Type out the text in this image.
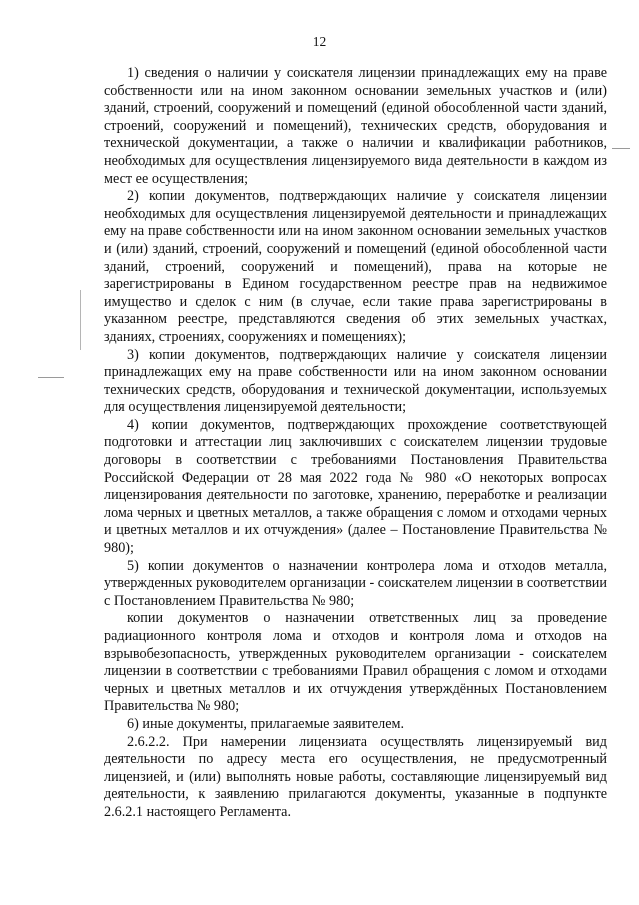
12

1) сведения о наличии у соискателя лицензии принадлежащих ему на праве собственности или на ином законном основании земельных участков и (или) зданий, строений, сооружений и помещений (единой обособленной части зданий, строений, сооружений и помещений), технических средств, оборудования и технической документации, а также о наличии и квалификации работников, необходимых для осуществления лицензируемого вида деятельности в каждом из мест ее осуществления;

2) копии документов, подтверждающих наличие у соискателя лицензии необходимых для осуществления лицензируемой деятельности и принадлежащих ему на праве собственности или на ином законном основании земельных участков и (или) зданий, строений, сооружений и помещений (единой обособленной части зданий, строений, сооружений и помещений), права на которые не зарегистрированы в Едином государственном реестре прав на недвижимое имущество и сделок с ним (в случае, если такие права зарегистрированы в указанном реестре, представляются сведения об этих земельных участках, зданиях, строениях, сооружениях и помещениях);

3) копии документов, подтверждающих наличие у соискателя лицензии принадлежащих ему на праве собственности или на ином законном основании технических средств, оборудования и технической документации, используемых для осуществления лицензируемой деятельности;

4) копии документов, подтверждающих прохождение соответствующей подготовки и аттестации лиц заключивших с соискателем лицензии трудовые договоры в соответствии с требованиями Постановления Правительства Российской Федерации от 28 мая 2022 года № 980 «О некоторых вопросах лицензирования деятельности по заготовке, хранению, переработке и реализации лома черных и цветных металлов, а также обращения с ломом и отходами черных и цветных металлов и их отчуждения» (далее – Постановление Правительства № 980);

5) копии документов о назначении контролера лома и отходов металла, утвержденных руководителем организации - соискателем лицензии в соответствии с Постановлением Правительства № 980;

копии документов о назначении ответственных лиц за проведение радиационного контроля лома и отходов и контроля лома и отходов на взрывобезопасность, утвержденных руководителем организации - соискателем лицензии в соответствии с требованиями Правил обращения с ломом и отходами черных и цветных металлов и их отчуждения утверждённых Постановлением Правительства № 980;

6) иные документы, прилагаемые заявителем.

2.6.2.2. При намерении лицензиата осуществлять лицензируемый вид деятельности по адресу места его осуществления, не предусмотренный лицензией, и (или) выполнять новые работы, составляющие лицензируемый вид деятельности, к заявлению прилагаются документы, указанные в подпункте 2.6.2.1 настоящего Регламента.
